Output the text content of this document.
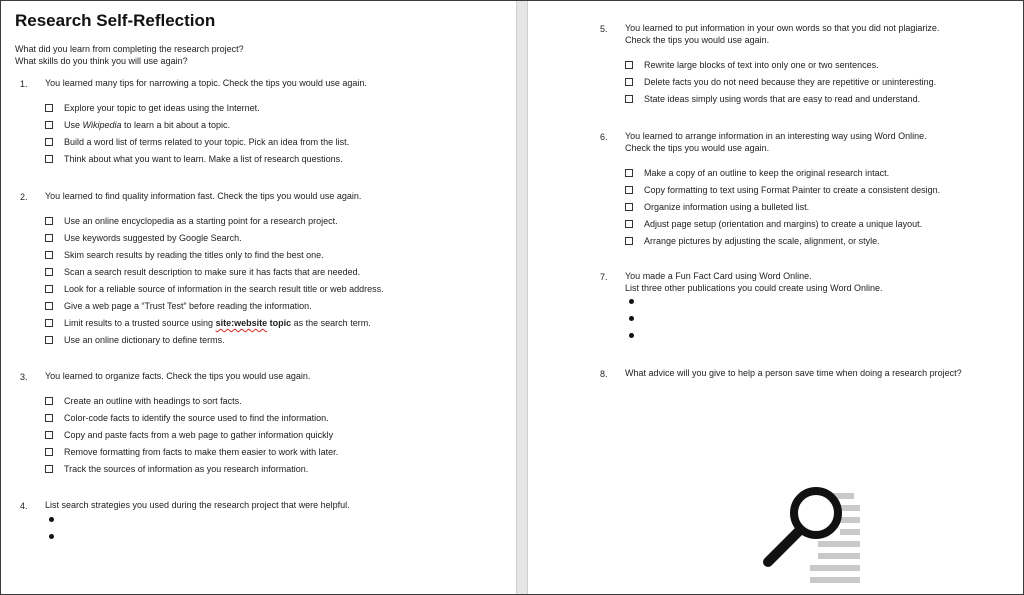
Research Self-Reflection
What did you learn from completing the research project?
What skills do you think you will use again?
1. You learned many tips for narrowing a topic. Check the tips you would use again.
Explore your topic to get ideas using the Internet.
Use Wikipedia to learn a bit about a topic.
Build a word list of terms related to your topic. Pick an idea from the list.
Think about what you want to learn. Make a list of research questions.
2. You learned to find quality information fast. Check the tips you would use again.
Use an online encyclopedia as a starting point for a research project.
Use keywords suggested by Google Search.
Skim search results by reading the titles only to find the best one.
Scan a search result description to make sure it has facts that are needed.
Look for a reliable source of information in the search result title or web address.
Give a web page a “Trust Test” before reading the information.
Limit results to a trusted source using site:website topic as the search term.
Use an online dictionary to define terms.
3. You learned to organize facts. Check the tips you would use again.
Create an outline with headings to sort facts.
Color-code facts to identify the source used to find the information.
Copy and paste facts from a web page to gather information quickly
Remove formatting from facts to make them easier to work with later.
Track the sources of information as you research information.
4. List search strategies you used during the research project that were helpful.
5. You learned to put information in your own words so that you did not plagiarize.
Check the tips you would use again.
Rewrite large blocks of text into only one or two sentences.
Delete facts you do not need because they are repetitive or uninteresting.
State ideas simply using words that are easy to read and understand.
6. You learned to arrange information in an interesting way using Word Online.
Check the tips you would use again.
Make a copy of an outline to keep the original research intact.
Copy formatting to text using Format Painter to create a consistent design.
Organize information using a bulleted list.
Adjust page setup (orientation and margins) to create a unique layout.
Arrange pictures by adjusting the scale, alignment, or style.
7. You made a Fun Fact Card using Word Online.
List three other publications you could create using Word Online.
8. What advice will you give to help a person save time when doing a research project?
